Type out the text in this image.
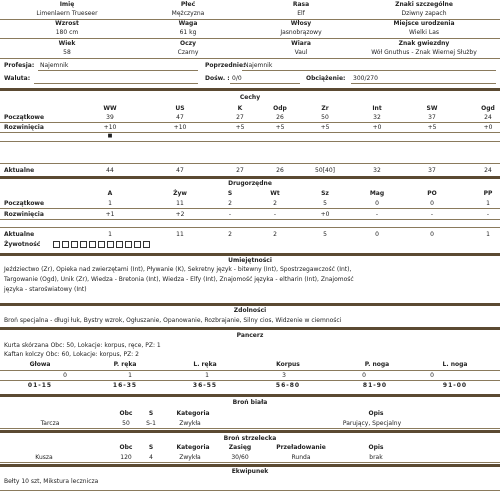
Imię	Płeć	Rasa	Znaki szczególne
Limenlaern Trueseer	Mężczyzna	Elf	Dziwny zapach
Wzrost	Waga	Włosy	Miejsce urodzenia
180 cm	61 kg	Jasnobrązowy	Wielki Las
Wiek	Oczy	Wiara	Znak gwiezdny
58	Czarny	Vaul	Wół Gnuthus - Znak Wiernej Służby
Profesja: Najemnik	Poprzednie:
Najemnik
Waluta:	Dośw. : 0/0	Obciążenie: 300/270
Cechy
WW	US	K	Odp	Zr	Int	SW	Ogd
Początkowe	39	47	27	26	50	32	37	24
Rozwinięcia	+10	+10	+5	+5	+5	+0	+5	+0
■
Aktualne	44	47	27	26	50[40]	32	37	24
Drugorzędne
A	Żyw	S	Wt	Sz	Mag	PO	PP
Początkowe	1	11	2	2	5	0	0	1
Rozwinięcia	+1	+2	-	-	+0	-	-	-
Aktualne	1	11	2	2	5	0	0	1
Żywotność
Umiejętności
Jeździectwo (Zr), Opieka nad zwierzętami (Int), Pływanie (K), Sekretny język - bitewny (Int), Spostrzegawczość (Int),
Targowanie (Ogd), Unik (Zr), Wiedza - Bretonia (Int), Wiedza - Elfy (Int), Znajomość języka - eltharin (Int), Znajomość
języka - staroświatowy (Int)
Zdolności
Broń specjalna - długi łuk, Bystry wzrok, Ogłuszanie, Opanowanie, Rozbrajanie, Silny cios, Widzenie w ciemności
Pancerz
Kurta skórzana Obc: 50, Lokacje: korpus, ręce, PZ: 1
Kaftan kolczy Obc: 60, Lokacje: korpus, PZ: 2
Głowa	P. ręka	L. ręka	Korpus	P. noga	L. noga
0	1	1	3	0	0
01-15	16-35	36-55	56-80	81-90	91-00
Broń biała
Obc	S	Kategoria	Opis
Tarcza	50	S-1	Zwykła	Parujący, Specjalny
Broń strzelecka
Obc	S	Kategoria	Zasięg	Przeładowanie	Opis
Kusza	120	4	Zwykła	30/60	Runda	brak
Ekwipunek
Bełty 10 szt, Mikstura lecznicza
